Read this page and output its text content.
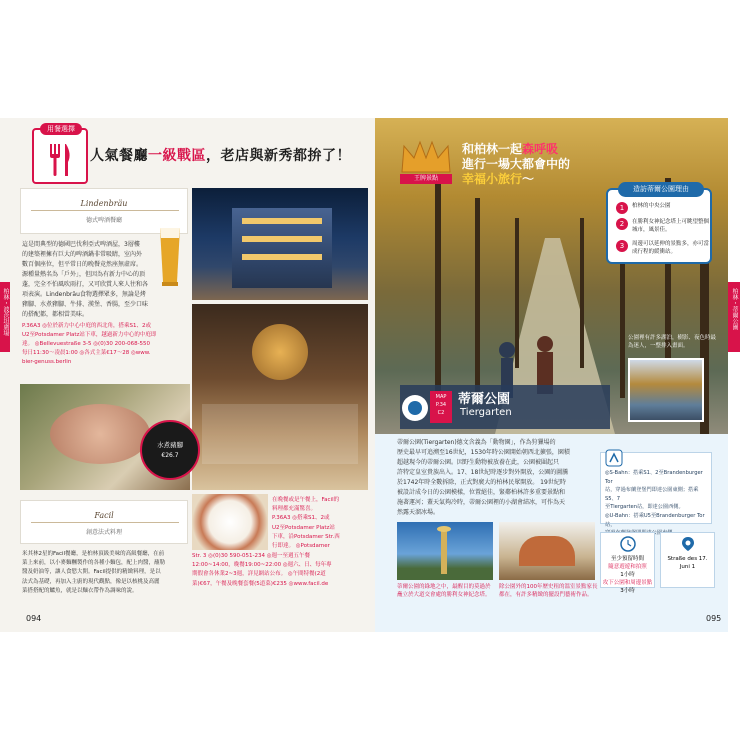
柏林・波茨坦廣場
用餐選擇
人氣餐廳一級戰區，老店與新秀都拚了！
Lindenbräu
德式啤酒餐廳
這是間典型的德國巴伐利亞式啤酒屋，3層樓
的建築裡擁有巨大的啤酒鍋非常吸睛，室內外
數百個座位，但平常日的晚餐竟然座無虛席。
源種量熱名為「戶外」，但因為有新力中心的頂
蓬，完全不怕風吹雨打，又可欣賞人來人往和各
項表演。Lindenbräu食物選擇眾多，無論是烤
豬腳、水煮豬腳、牛排、漢堡、香腸，至少口味
的搭配都，都相當美味。
P.36A3 ◎位於新力中心中庭的西北角，搭乘S1、2或
U2至Potsdamer Platz站下車，越過新力中心的中庭即
達。 ◎Bellevuestraße 3-5 ◎(0)30 200-068-550
每日11:30～凌晨1:00 ◎各式主菜€17～28 ◎www.
bier-genuss.berlin
水煮豬腳
€26.7
Facil
創意法式料理
在晚餐或是午餐上，Facil的
料理都充滿驚喜。
P.36A3 ◎搭乘S1、2或
U2至Potsdamer Platz站
下車，沿Potsdamer Str.西
行即達。 ◎Potsdamer
Str. 3 ◎(0)30 590-051-234 ◎週一至週五午餐
12:00~14:00，晚餐19:00~22:00 ◎週六、日、每年專
期假會各休業2~3週，詳見網站公布。 ◎午間特餐(2道
菜)€67，午餐及晚餐套餐(5道菜)€235 ◎www.facil.de
米其林2星的Facil餐廳，是柏林頂級美味的高級餐廳，在前
菜上來前，以小麥麵糰製作的各種小麵包，配上肉醬，蘸勒
醬及奶油等，讓人食慾大開。Facil提供的精緻料理，是以
法式為基礎，再加入主廚的現代觀點，像是以核桃及高麗
菜搭搭配的鱸魚，就是以麵衣帶作為調味的說。
094
柏林・蒂爾公園
王牌景點
和柏林一起森呼吸
進行一場大都會中的
幸福小旅行～
造訪蒂爾公園理由
1	柏林的中央公園
2	在勝利女神紀念塔上可眺望整個城市，風景佳。
3	周邊可以延伸的景點多，亦可當成行程的緩衝站。
公園裡有許多湖泊，樹影、夜色時最
為迷人，一整排入畫面。
MAP
P.34
C2
蒂爾公園
Tiergarten
蒂爾公園(Tiergarten)德文含義為「動物園」，作為狩獵場的
歷史最早可追溯至16世紀，1530年時公園開始朝西北擴張，園積
超越現今的蒂爾公園。因野生動物被放養在此，公園被圍起只
許特定皇室貴族出入。17、18世紀時逐步對外開放，公園的圖騰
於1742年時全數拆除，正式對廣大的柏林民眾開放。 19世紀時
被設計成今日的公園模樣，位置絕佳，緊鄰柏林許多重要景點和
施著運河；蓋天氣夠冷時，蒂爾公園裡的小湖會結冰，可作為天
然露天溜冰場。
◎S-Bahn：搭乘S1、2至Brandenburger Tor
站，穿過布蘭登堡門即達公園東側；搭乘S5、7
至Tiergarten站，即達公園西側。
◎U-Bahn：搭乘U5至Brandenburger Tor站，
至少預留時間
隨意遊遊和拍照
1小時
攻下公園和周邊景點
3小時
Straße des 17.
Juni 1
蒂爾公園的綠地之中，最醒目的莫過於
矗立於大道交會處的勝利女神紀念塔。
除公園外的100年歷史租的溫室景點家長
都在，有許多精緻的擺設門藝術作品。
095
